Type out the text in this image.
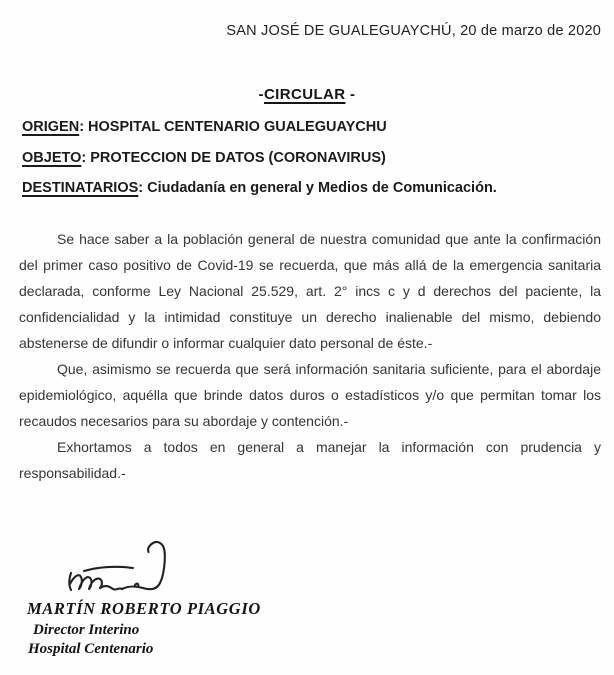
SAN JOSÉ DE GUALEGUAYCHÚ, 20 de marzo de 2020
-CIRCULAR -
ORIGEN: HOSPITAL CENTENARIO GUALEGUAYCHU
OBJETO: PROTECCION DE DATOS (CORONAVIRUS)
DESTINATARIOS: Ciudadanía en general y Medios de Comunicación.

Se hace saber a la población general de nuestra comunidad que ante la confirmación del primer caso positivo de Covid-19 se recuerda, que más allá de la emergencia sanitaria declarada, conforme Ley Nacional 25.529, art. 2° incs c y d derechos del paciente, la confidencialidad y la intimidad constituye un derecho inalienable del mismo, debiendo abstenerse de difundir o informar cualquier dato personal de éste.-

Que, asimismo se recuerda que será información sanitaria suficiente, para el abordaje epidemiológico, aquélla que brinde datos duros o estadísticos y/o que permitan tomar los recaudos necesarios para su abordaje y contención.-

Exhortamos a todos en general a manejar la información con prudencia y responsabilidad.-

MARTÍN ROBERTO PIAGGIO
Director Interino
Hospital Centenario
